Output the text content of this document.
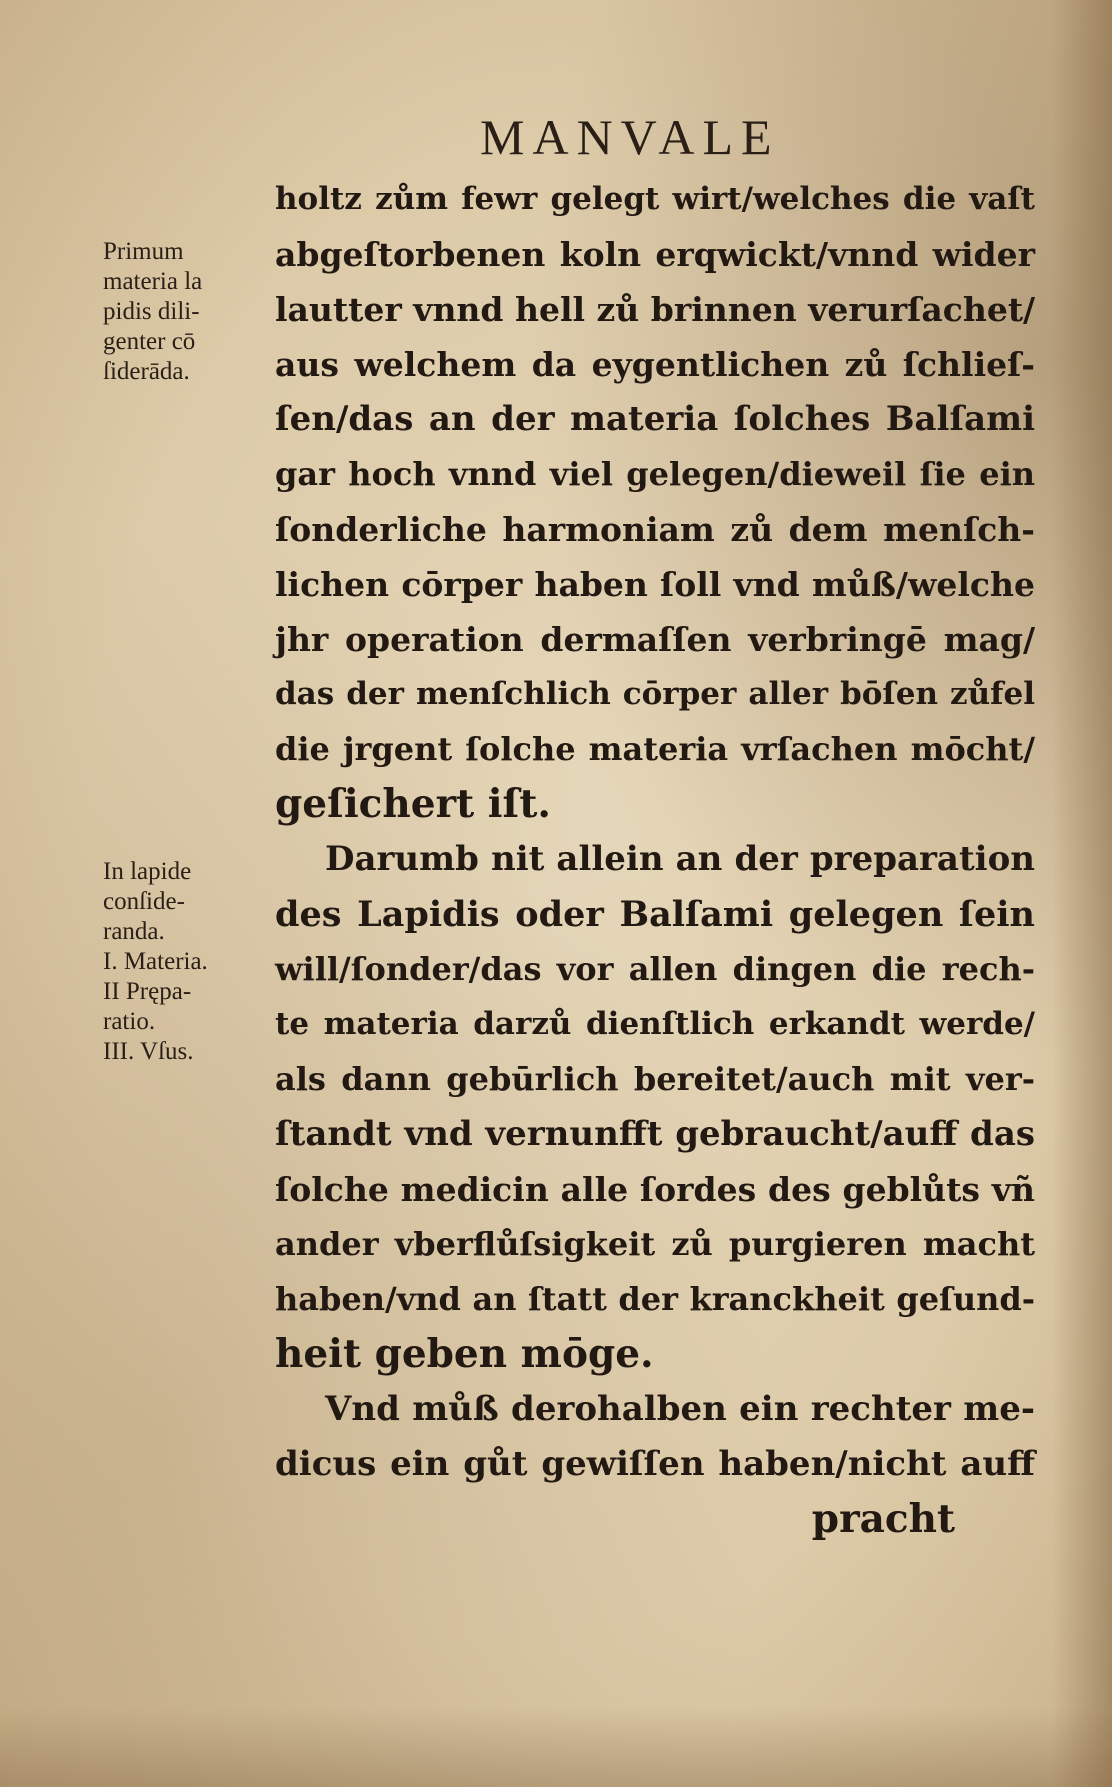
MANVALE
Primum
materia la
pidis dili-
genter cō
ſiderāda.
In lapide
conſide-
randa.
I. Materia.
II Prępa-
ratio.
III. Vſus.
holtz zům fewr gelegt wirt/welches die vaſt
abgeſtorbenen koln erqwickt/vnnd wider
lautter vnnd hell zů brinnen verurſachet/
aus welchem da eygentlichen zů ſchlieſ-
ſen/das an der materia ſolches Balſami
gar hoch vnnd viel gelegen/dieweil ſie ein
ſonderliche harmoniam zů dem menſch-
lichen cōrper haben ſoll vnd můß/welche
jhr operation dermaſſen verbringē mag/
das der menſchlich cōrper aller bōſen zůfel
die jrgent ſolche materia vrſachen mōcht/
geſichert iſt.
Darumb nit allein an der preparation
des Lapidis oder Balſami gelegen ſein
will/ſonder/das vor allen dingen die rech-
te materia darzů dienſtlich erkandt werde/
als dann gebūrlich bereitet/auch mit ver-
ſtandt vnd vernunfft gebraucht/auff das
ſolche medicin alle ſordes des geblůts vñ
ander vberflůſsigkeit zů purgieren macht
haben/vnd an ſtatt der kranckheit geſund-
heit geben mōge.
Vnd můß derohalben ein rechter me-
dicus ein gůt gewiſſen haben/nicht auff
pracht
